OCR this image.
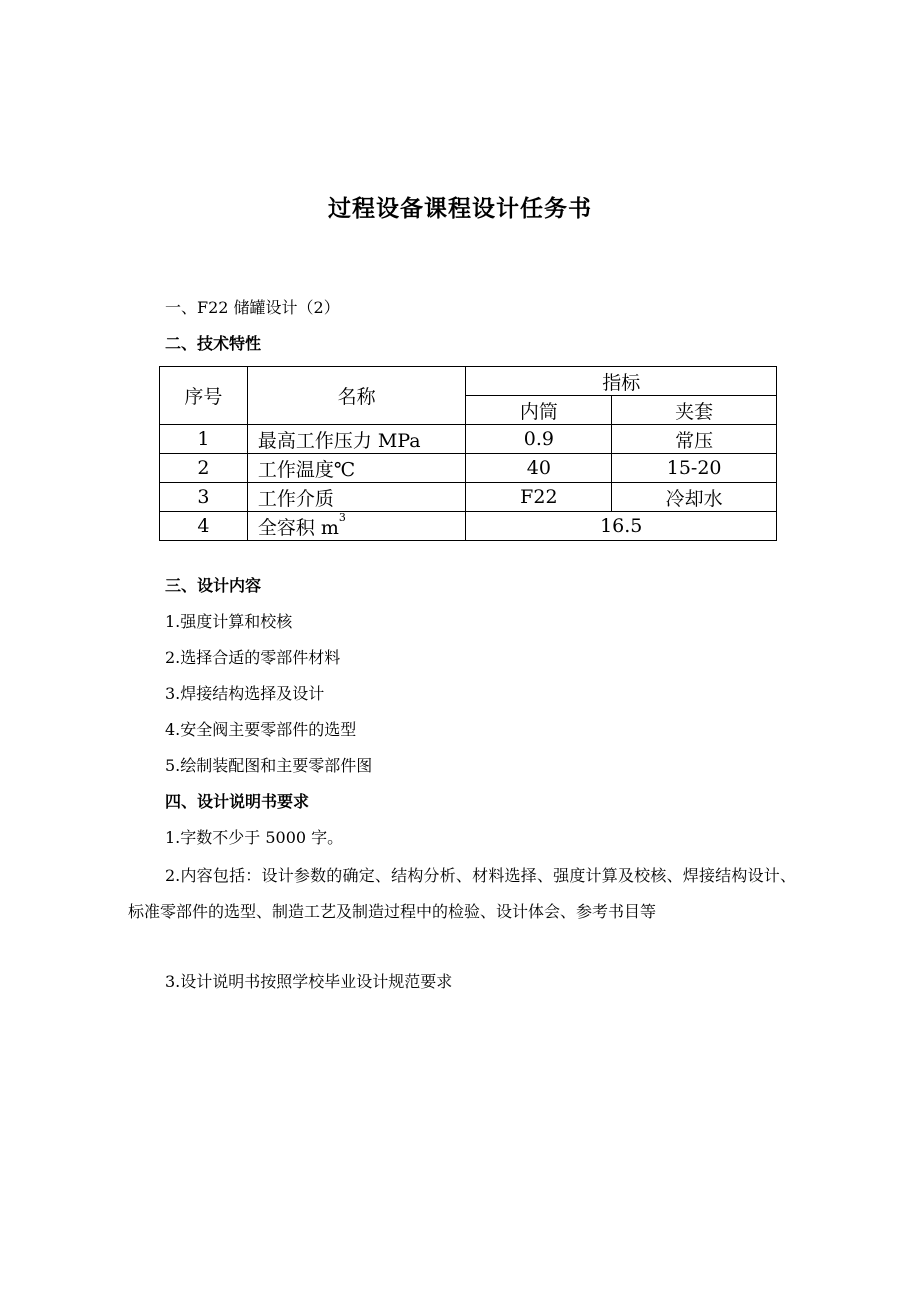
过程设备课程设计任务书
一、F22 储罐设计（2）
二、技术特性
序号	名称	指标	
		内筒	夹套
1	最高工作压力 MPa	0.9	常压
2	工作温度℃	40	15-20
3	工作介质	F22	冷却水
4	全容积 $m^3$	16.5	
三、设计内容
1.强度计算和校核
2.选择合适的零部件材料
3.焊接结构选择及设计
4.安全阀主要零部件的选型
5.绘制装配图和主要零部件图
四、设计说明书要求
1.字数不少于 5000 字。
2.内容包括：设计参数的确定、结构分析、材料选择、强度计算及校核、焊接结构设计、标准零部件的选型、制造工艺及制造过程中的检验、设计体会、参考书目等
3.设计说明书按照学校毕业设计规范要求
